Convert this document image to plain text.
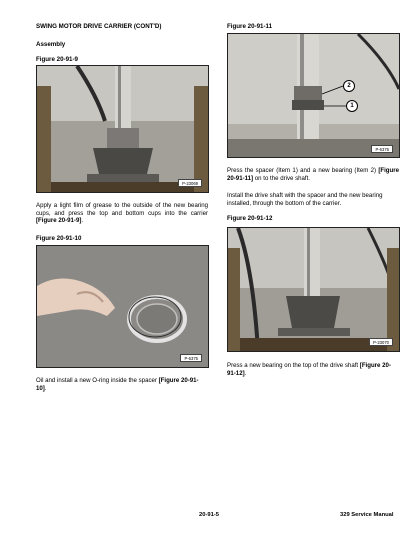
SWING MOTOR DRIVE CARRIER (CONT'D)
Assembly
Figure 20-91-9
P-23069
Apply a light film of grease to the outside of the new bearing cups, and press the top and bottom cups into the carrier [Figure 20-91-9].
Figure 20-91-10
P-6375
Oil and install a new O-ring inside the spacer [Figure 20-91-10].
Figure 20-91-11
2
1
P-6376
Press the spacer (Item 1) and a new bearing (Item 2) [Figure 20-91-11] on to the drive shaft.
Install the drive shaft with the spacer and the new bearing installed, through the bottom of the carrier.
Figure 20-91-12
P-23070
Press a new bearing on the top of the drive shaft [Figure 20-91-12].
20-91-5	329 Service Manual
